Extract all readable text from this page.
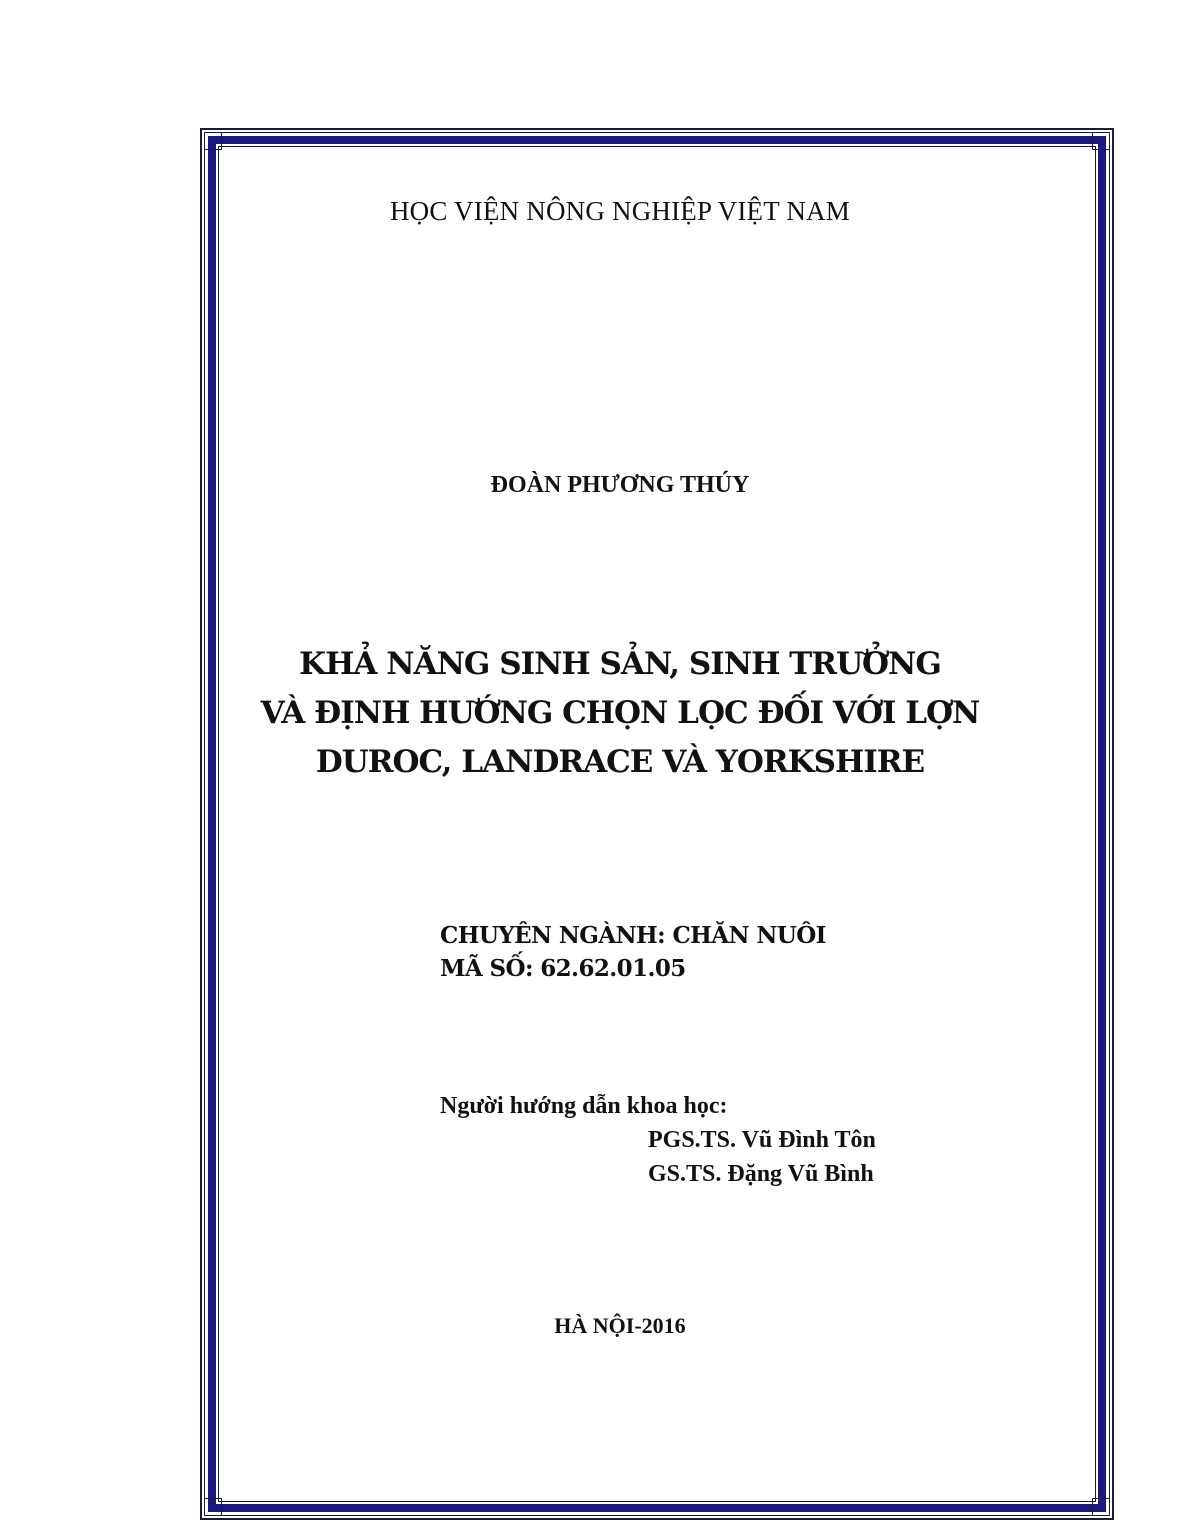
HỌC VIỆN NÔNG NGHIỆP VIỆT NAM

ĐOÀN PHƯƠNG THÚY

KHẢ NĂNG SINH SẢN, SINH TRƯỞNG
VÀ ĐỊNH HƯỚNG CHỌN LỌC ĐỐI VỚI LỢN
DUROC, LANDRACE VÀ YORKSHIRE

CHUYÊN NGÀNH: CHĂN NUÔI

MÃ SỐ: 62.62.01.05

Người hướng dẫn khoa học:

PGS.TS. Vũ Đình Tôn

GS.TS. Đặng Vũ Bình

HÀ NỘI-2016
